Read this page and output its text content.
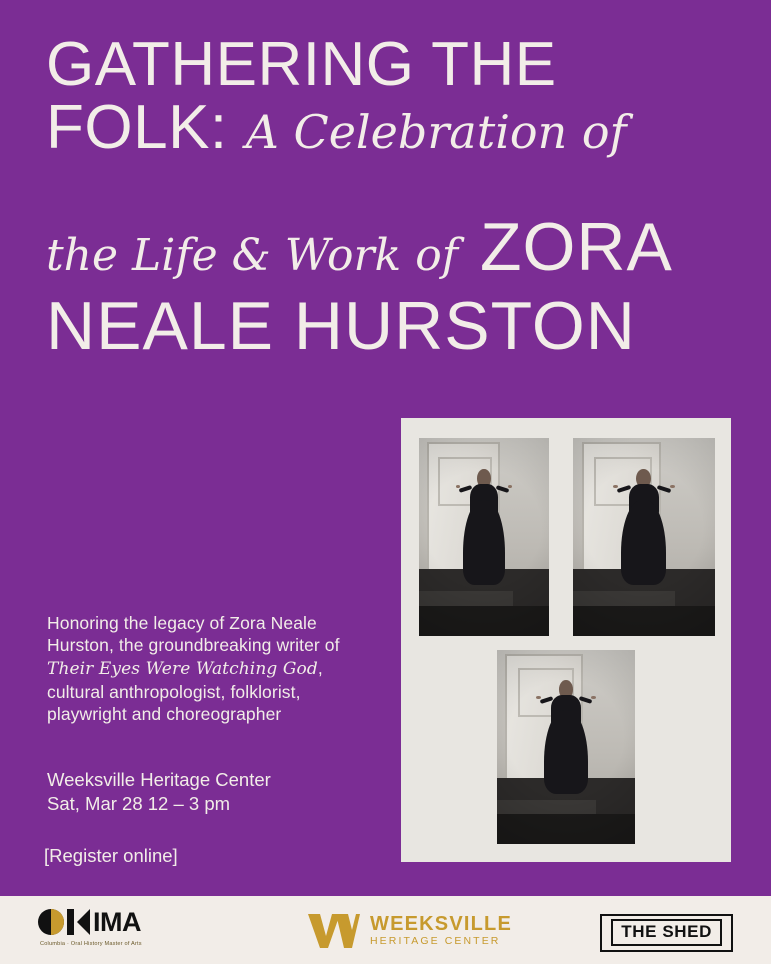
GATHERING THE
FOLK: A Celebration of
the Life & Work of ZORA
NEALE HURSTON
Honoring the legacy of Zora Neale Hurston, the groundbreaking writer of Their Eyes Were Watching God, cultural anthropologist, folklorist, playwright and choreographer
Weeksville Heritage Center
Sat, Mar 28 12 – 3 pm
[Register online]
IMA
Columbia · Oral History Master of Arts
WEEKSVILLE
HERITAGE CENTER	THE SHED
